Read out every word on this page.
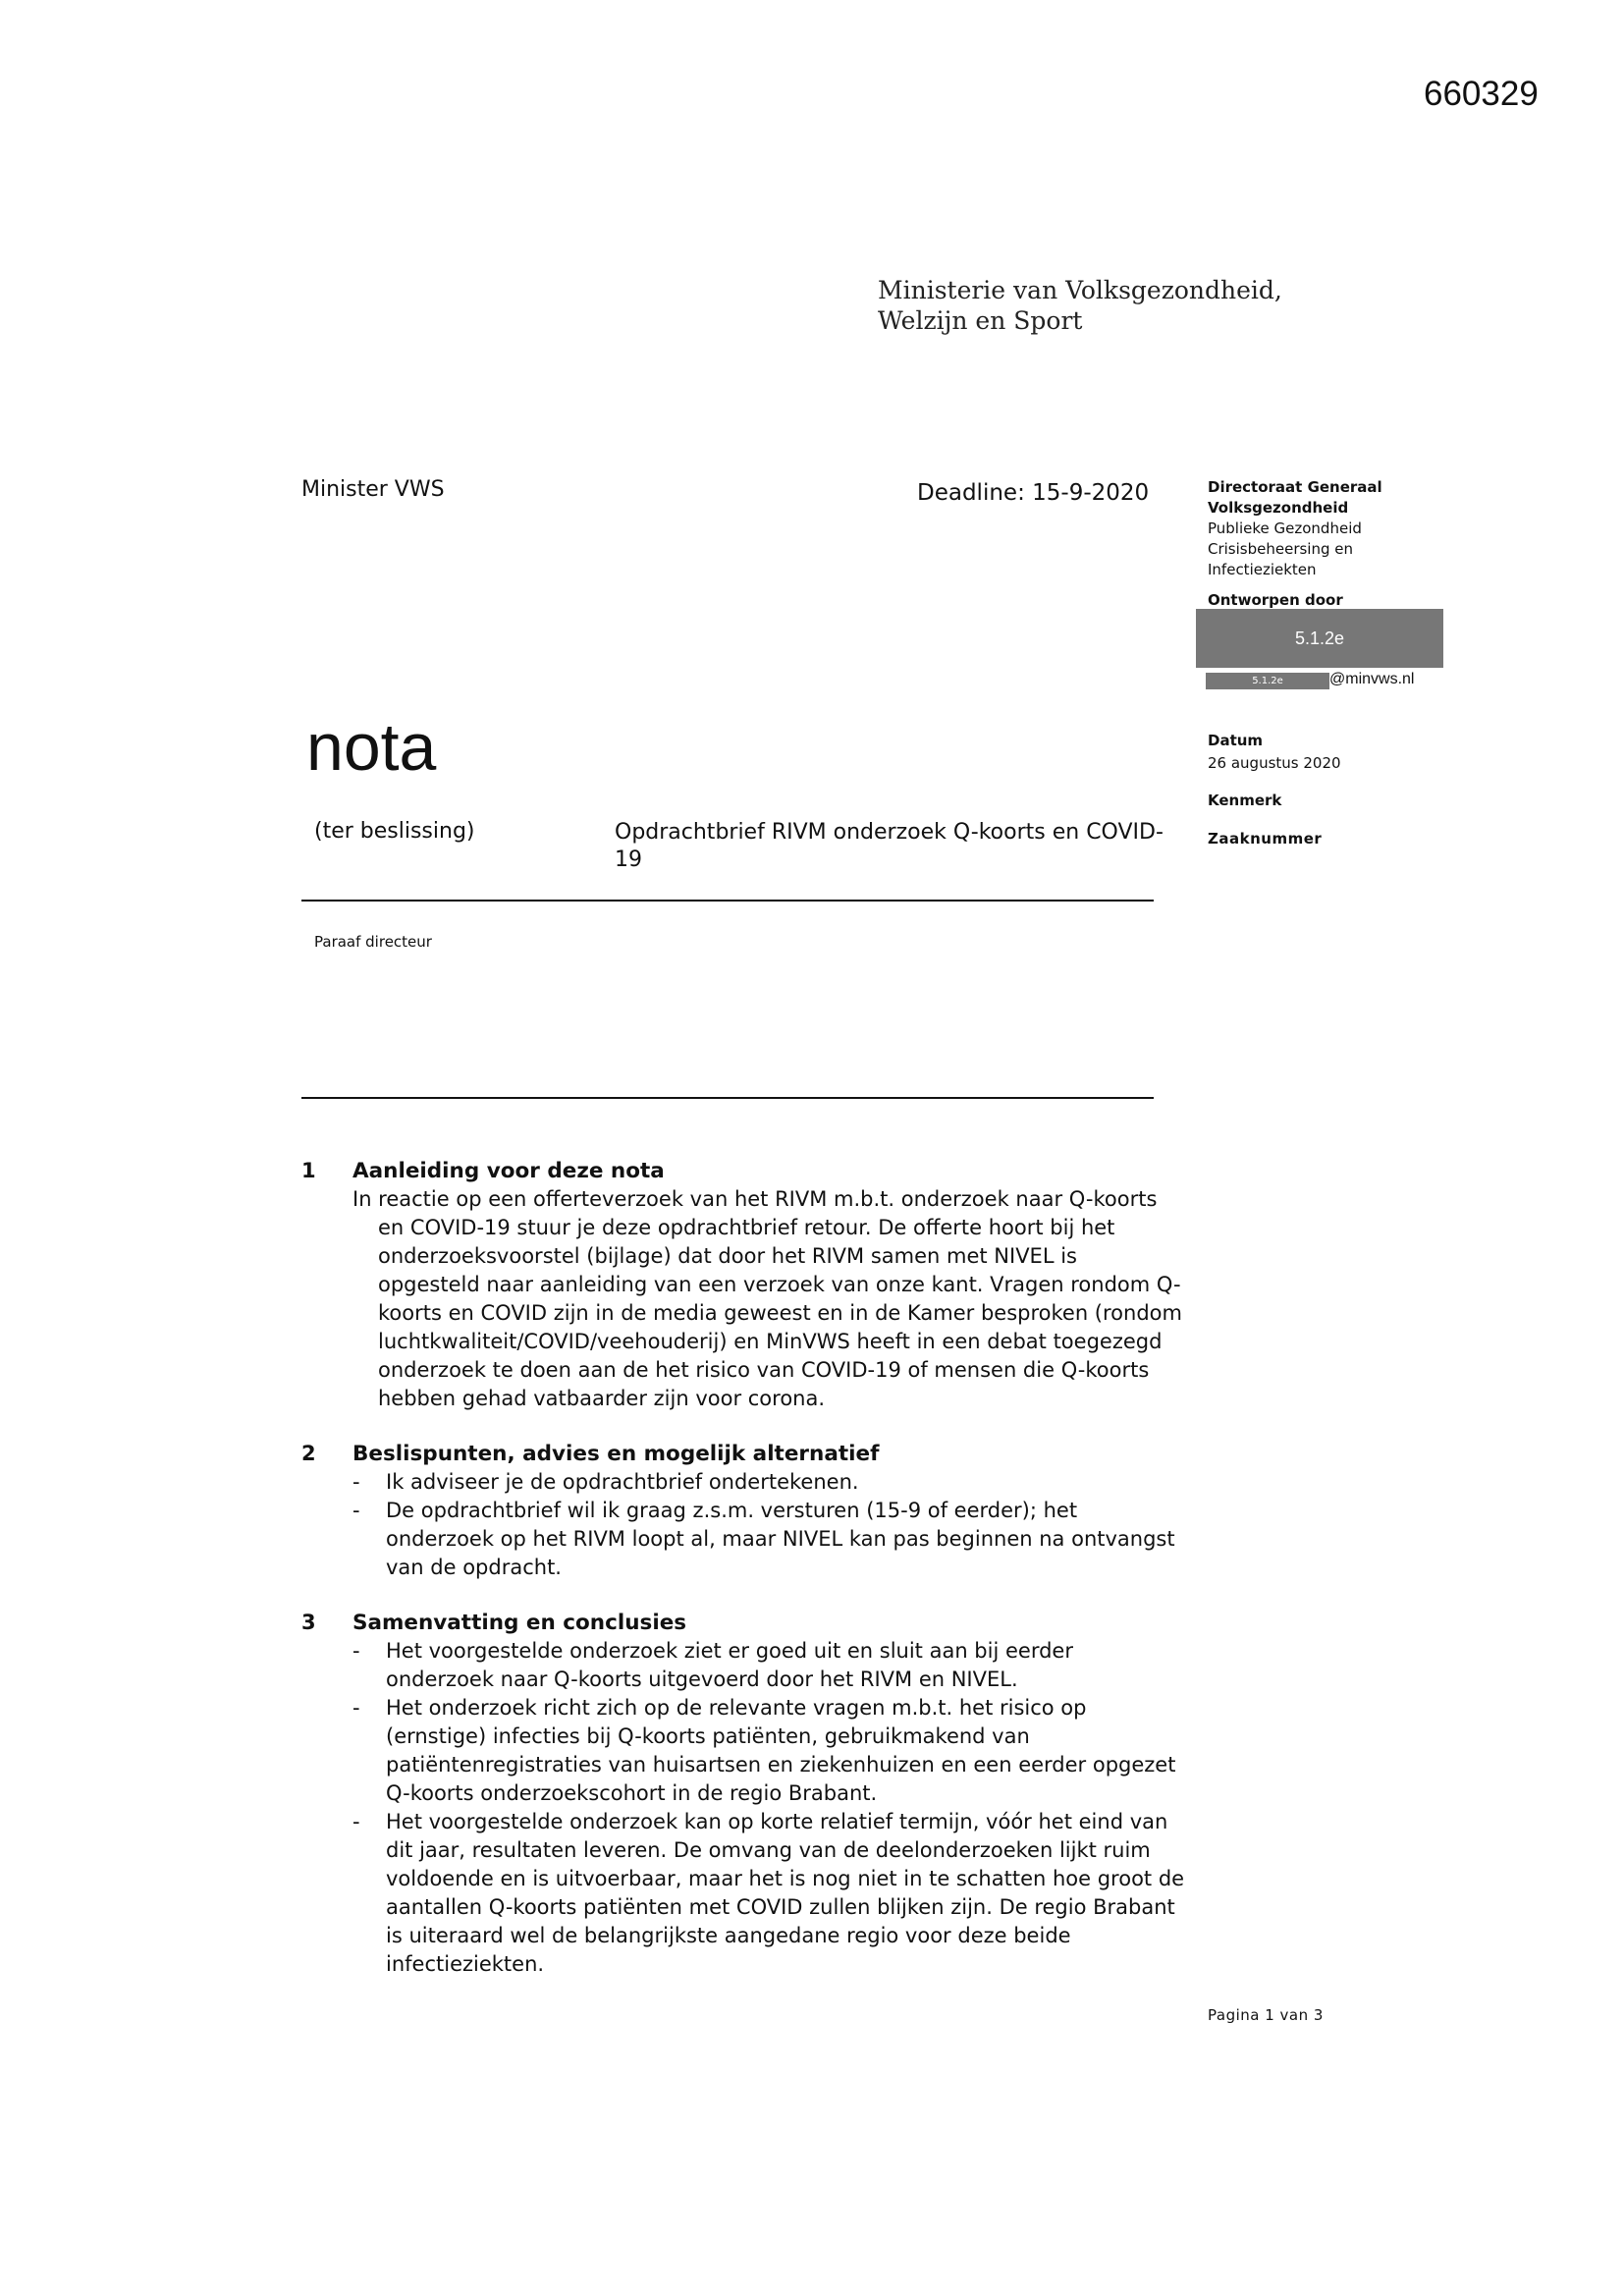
660329
Ministerie van Volksgezondheid,
Welzijn en Sport
Minister VWS	Deadline: 15-9-2020	Directoraat Generaal
Volksgezondheid
Publieke Gezondheid
Crisisbeheersing en
Infectieziekten
Ontworpen door
5.1.2e
5.1.2e	@minvws.nl
Datum
26 augustus 2020
Kenmerk
Zaaknummer
nota
(ter beslissing)	Opdrachtbrief RIVM onderzoek Q-koorts en COVID-19
Paraaf directeur
1 Aanleiding voor deze nota

In reactie op een offerteverzoek van het RIVM m.b.t. onderzoek naar Q-koorts en COVID-19 stuur je deze opdrachtbrief retour. De offerte hoort bij het onderzoeksvoorstel (bijlage) dat door het RIVM samen met NIVEL is opgesteld naar aanleiding van een verzoek van onze kant. Vragen rondom Q-koorts en COVID zijn in de media geweest en in de Kamer besproken (rondom luchtkwaliteit/COVID/veehouderij) en MinVWS heeft in een debat toegezegd onderzoek te doen aan de het risico van COVID-19 of mensen die Q-koorts hebben gehad vatbaarder zijn voor corona.

2 Beslispunten, advies en mogelijk alternatief
- Ik adviseer je de opdrachtbrief ondertekenen.
- De opdrachtbrief wil ik graag z.s.m. versturen (15-9 of eerder); het onderzoek op het RIVM loopt al, maar NIVEL kan pas beginnen na ontvangst van de opdracht.
3 Samenvatting en conclusies
- Het voorgestelde onderzoek ziet er goed uit en sluit aan bij eerder onderzoek naar Q-koorts uitgevoerd door het RIVM en NIVEL.
- Het onderzoek richt zich op de relevante vragen m.b.t. het risico op (ernstige) infecties bij Q-koorts patiënten, gebruikmakend van patiëntenregistraties van huisartsen en ziekenhuizen en een eerder opgezet Q-koorts onderzoekscohort in de regio Brabant.
- Het voorgestelde onderzoek kan op korte relatief termijn, vóór het eind van dit jaar, resultaten leveren. De omvang van de deelonderzoeken lijkt ruim voldoende en is uitvoerbaar, maar het is nog niet in te schatten hoe groot de aantallen Q-koorts patiënten met COVID zullen blijken zijn. De regio Brabant is uiteraard wel de belangrijkste aangedane regio voor deze beide infectieziekten.
Pagina 1 van 3
